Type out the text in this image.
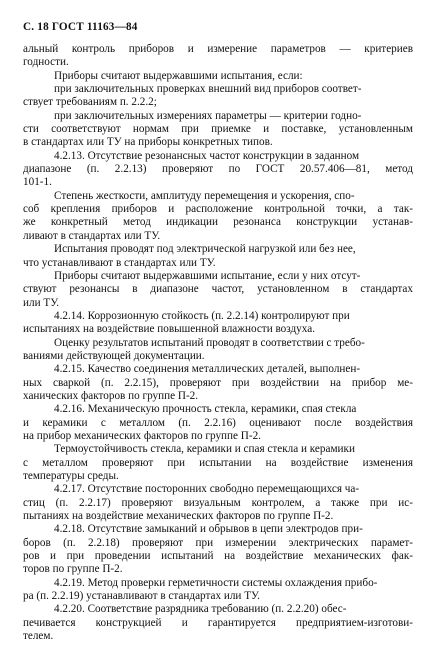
С. 18 ГОСТ 11163—84
альный контроль приборов и измерение параметров — критериев
годности.
Приборы считают выдержавшими испытания, если:
при заключительных проверках внешний вид приборов соответ-
ствует требованиям п. 2.2.2;
при заключительных измерениях параметры — критерии годно-
сти соответствуют нормам при приемке и поставке, установленным
в стандартах или ТУ на приборы конкретных типов.
4.2.13. Отсутствие резонансных частот конструкции в заданном
диапазоне (п. 2.2.13) проверяют по ГОСТ 20.57.406—81, метод
101-1.
Степень жесткости, амплитуду перемещения и ускорения, спо-
соб крепления приборов и расположение контрольной точки, а так-
же конкретный метод индикации резонанса конструкции устанав-
ливают в стандартах или ТУ.
Испытания проводят под электрической нагрузкой или без нее,
что устанавливают в стандартах или ТУ.
Приборы считают выдержавшими испытание, если у них отсут-
ствуют резонансы в диапазоне частот, установленном в стандартах
или ТУ.
4.2.14. Коррозионную стойкость (п. 2.2.14) контролируют при
испытаниях на воздействие повышенной влажности воздуха.
Оценку результатов испытаний проводят в соответствии с требо-
ваниями действующей документации.
4.2.15. Качество соединения металлических деталей, выполнен-
ных сваркой (п. 2.2.15), проверяют при воздействии на прибор ме-
ханических факторов по группе П-2.
4.2.16. Механическую прочность стекла, керамики, спая стекла
и керамики с металлом (п. 2.2.16) оценивают после воздействия
на прибор механических факторов по группе П-2.
Термоустойчивость стекла, керамики и спая стекла и керамики
с металлом проверяют при испытании на воздействие изменения
температуры среды.
4.2.17. Отсутствие посторонних свободно перемещающихся ча-
стиц (п. 2.2.17) проверяют визуальным контролем, а также при ис-
пытаниях на воздействие механических факторов по группе П-2.
4.2.18. Отсутствие замыканий и обрывов в цепи электродов при-
боров (п. 2.2.18) проверяют при измерении электрических парамет-
ров и при проведении испытаний на воздействие механических фак-
торов по группе П-2.
4.2.19. Метод проверки герметичности системы охлаждения прибо-
ра (п. 2.2.19) устанавливают в стандартах или ТУ.
4.2.20. Соответствие разрядника требованию (п. 2.2.20) обес-
печивается конструкцией и гарантируется предприятием-изготови-
телем.
